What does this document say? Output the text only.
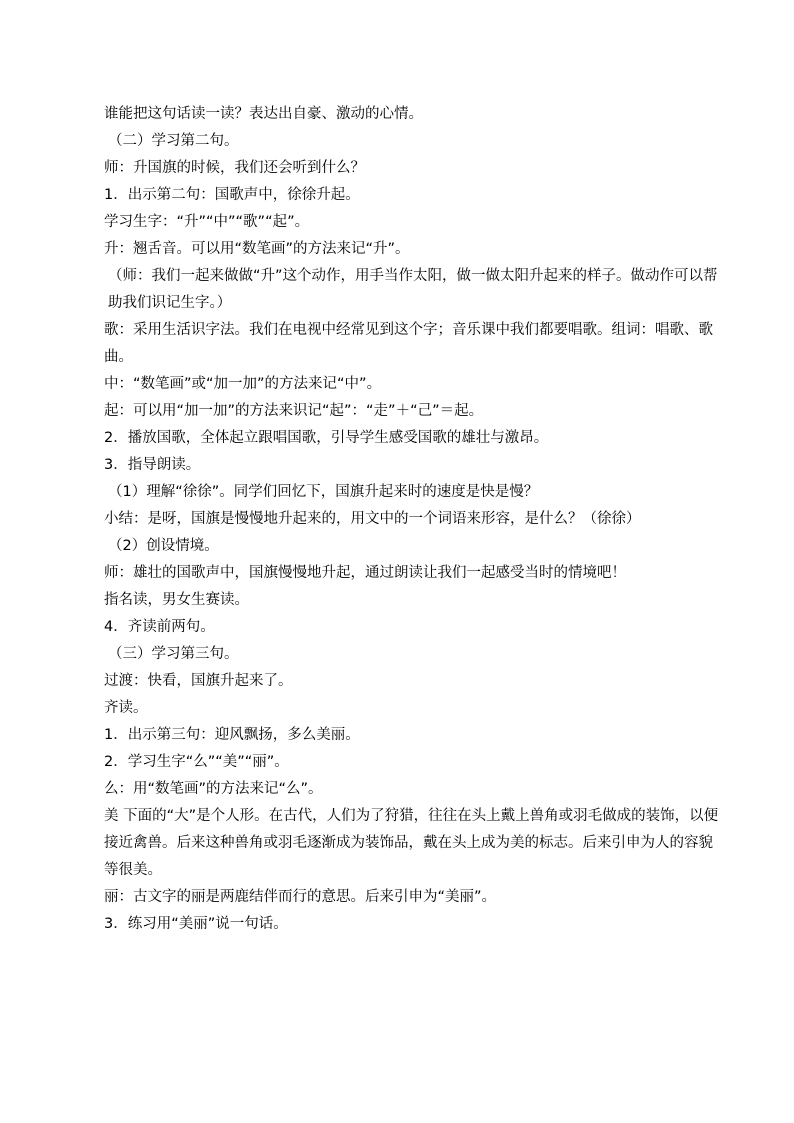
谁能把这句话读一读？表达出自豪、激动的心情。

（二）学习第二句。

师：升国旗的时候，我们还会听到什么？

1．出示第二句：国歌声中，徐徐升起。

学习生字：“升”“中”“歌”“起”。

升：翘舌音。可以用“数笔画”的方法来记“升”。

（师：我们一起来做做“升”这个动作，用手当作太阳，做一做太阳升起来的样子。做动作可以帮助我们识记生字。）

歌：采用生活识字法。我们在电视中经常见到这个字；音乐课中我们都要唱歌。组词：唱歌、歌曲。

中：“数笔画”或“加一加”的方法来记“中”。

起：可以用“加一加”的方法来识记“起”：“走”＋“己”＝起。

2．播放国歌，全体起立跟唱国歌，引导学生感受国歌的雄壮与激昂。

3．指导朗读。

（1）理解“徐徐”。同学们回忆下，国旗升起来时的速度是快是慢？

小结：是呀，国旗是慢慢地升起来的，用文中的一个词语来形容，是什么？（徐徐）

（2）创设情境。

师：雄壮的国歌声中，国旗慢慢地升起，通过朗读让我们一起感受当时的情境吧！

指名读，男女生赛读。

4．齐读前两句。

（三）学习第三句。

过渡：快看，国旗升起来了。

齐读。

1．出示第三句：迎风飘扬，多么美丽。

2．学习生字“么”“美”“丽”。

么：用“数笔画”的方法来记“么”。

美 下面的“大”是个人形。在古代，人们为了狩猎，往往在头上戴上兽角或羽毛做成的装饰，以便接近禽兽。后来这种兽角或羽毛逐渐成为装饰品，戴在头上成为美的标志。后来引申为人的容貌等很美。

丽：古文字的丽是两鹿结伴而行的意思。后来引申为“美丽”。

3．练习用“美丽”说一句话。
